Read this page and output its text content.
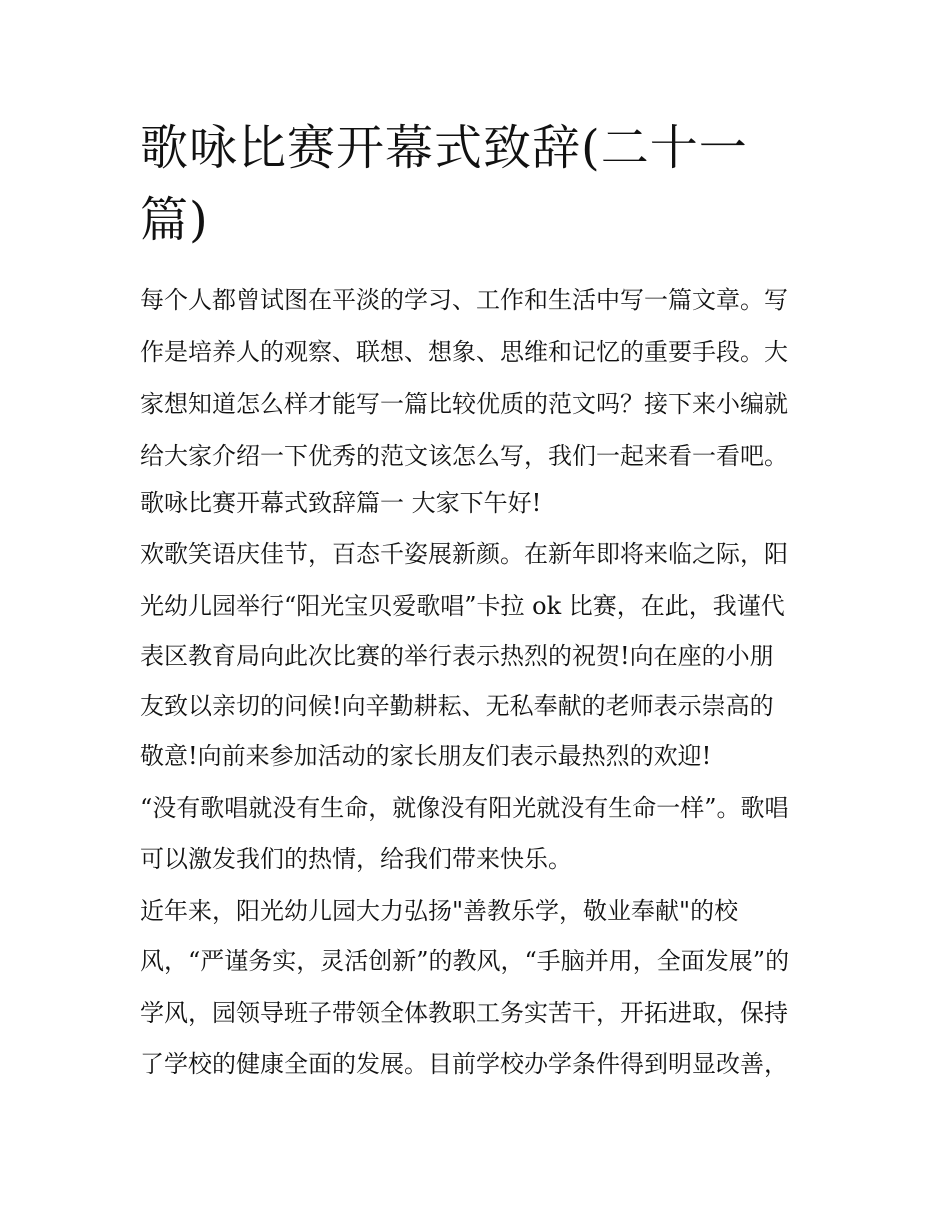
歌咏比赛开幕式致辞(二十一
篇)

每个人都曾试图在平淡的学习、工作和生活中写一篇文章。写

作是培养人的观察、联想、想象、思维和记忆的重要手段。大

家想知道怎么样才能写一篇比较优质的范文吗？接下来小编就

给大家介绍一下优秀的范文该怎么写，我们一起来看一看吧。

歌咏比赛开幕式致辞篇一 大家下午好!

欢歌笑语庆佳节，百态千姿展新颜。在新年即将来临之际，阳

光幼儿园举行“阳光宝贝爱歌唱”卡拉 ok 比赛，在此，我谨代

表区教育局向此次比赛的举行表示热烈的祝贺!向在座的小朋

友致以亲切的问候!向辛勤耕耘、无私奉献的老师表示崇高的

敬意!向前来参加活动的家长朋友们表示最热烈的欢迎!

“没有歌唱就没有生命，就像没有阳光就没有生命一样”。歌唱

可以激发我们的热情，给我们带来快乐。

近年来，阳光幼儿园大力弘扬"善教乐学，敬业奉献"的校

风，“严谨务实，灵活创新”的教风，“手脑并用，全面发展”的

学风，园领导班子带领全体教职工务实苦干，开拓进取，保持

了学校的健康全面的发展。目前学校办学条件得到明显改善，
